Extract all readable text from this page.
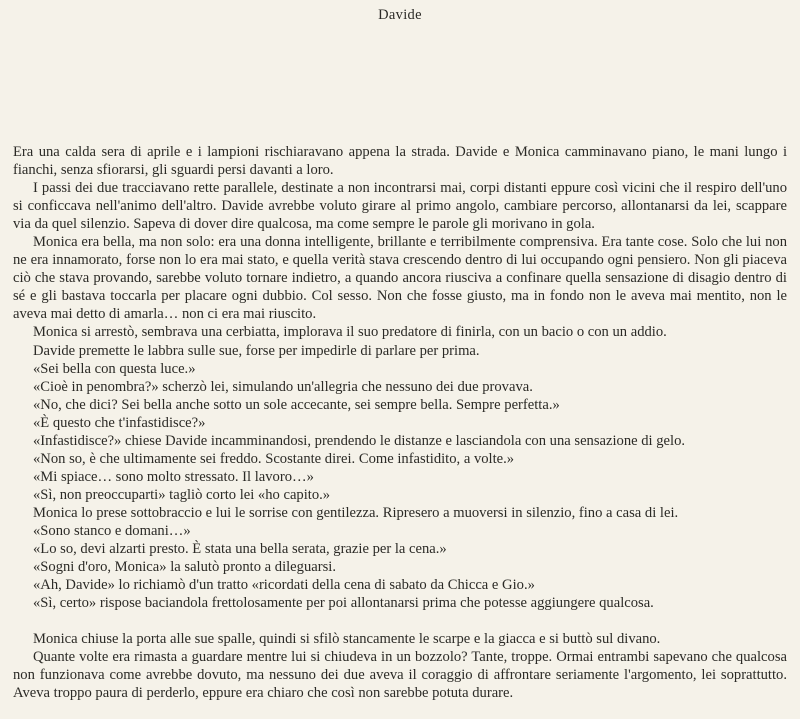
Davide

Era una calda sera di aprile e i lampioni rischiaravano appena la strada. Davide e Monica camminavano piano, le mani lungo i fianchi, senza sfiorarsi, gli sguardi persi davanti a loro.

I passi dei due tracciavano rette parallele, destinate a non incontrarsi mai, corpi distanti eppure così vicini che il respiro dell'uno si conficcava nell'animo dell'altro. Davide avrebbe voluto girare al primo angolo, cambiare percorso, allontanarsi da lei, scappare via da quel silenzio. Sapeva di dover dire qualcosa, ma come sempre le parole gli morivano in gola.

Monica era bella, ma non solo: era una donna intelligente, brillante e terribilmente comprensiva. Era tante cose. Solo che lui non ne era innamorato, forse non lo era mai stato, e quella verità stava crescendo dentro di lui occupando ogni pensiero. Non gli piaceva ciò che stava provando, sarebbe voluto tornare indietro, a quando ancora riusciva a confinare quella sensazione di disagio dentro di sé e gli bastava toccarla per placare ogni dubbio. Col sesso. Non che fosse giusto, ma in fondo non le aveva mai mentito, non le aveva mai detto di amarla… non ci era mai riuscito.

Monica si arrestò, sembrava una cerbiatta, implorava il suo predatore di finirla, con un bacio o con un addio.

Davide premette le labbra sulle sue, forse per impedirle di parlare per prima.

«Sei bella con questa luce.»

«Cioè in penombra?» scherzò lei, simulando un'allegria che nessuno dei due provava.

«No, che dici? Sei bella anche sotto un sole accecante, sei sempre bella. Sempre perfetta.»

«È questo che t'infastidisce?»

«Infastidisce?» chiese Davide incamminandosi, prendendo le distanze e lasciandola con una sensazione di gelo.

«Non so, è che ultimamente sei freddo. Scostante direi. Come infastidito, a volte.»

«Mi spiace… sono molto stressato. Il lavoro…»

«Sì, non preoccuparti» tagliò corto lei «ho capito.»

Monica lo prese sottobraccio e lui le sorrise con gentilezza. Ripresero a muoversi in silenzio, fino a casa di lei.

«Sono stanco e domani…»

«Lo so, devi alzarti presto. È stata una bella serata, grazie per la cena.»

«Sogni d'oro, Monica» la salutò pronto a dileguarsi.

«Ah, Davide» lo richiamò d'un tratto «ricordati della cena di sabato da Chicca e Gio.»

«Sì, certo» rispose baciandola frettolosamente per poi allontanarsi prima che potesse aggiungere qualcosa.

Monica chiuse la porta alle sue spalle, quindi si sfilò stancamente le scarpe e la giacca e si buttò sul divano.

Quante volte era rimasta a guardare mentre lui si chiudeva in un bozzolo? Tante, troppe. Ormai entrambi sapevano che qualcosa non funzionava come avrebbe dovuto, ma nessuno dei due aveva il coraggio di affrontare seriamente l'argomento, lei soprattutto. Aveva troppo paura di perderlo, eppure era chiaro che così non sarebbe potuta durare.
